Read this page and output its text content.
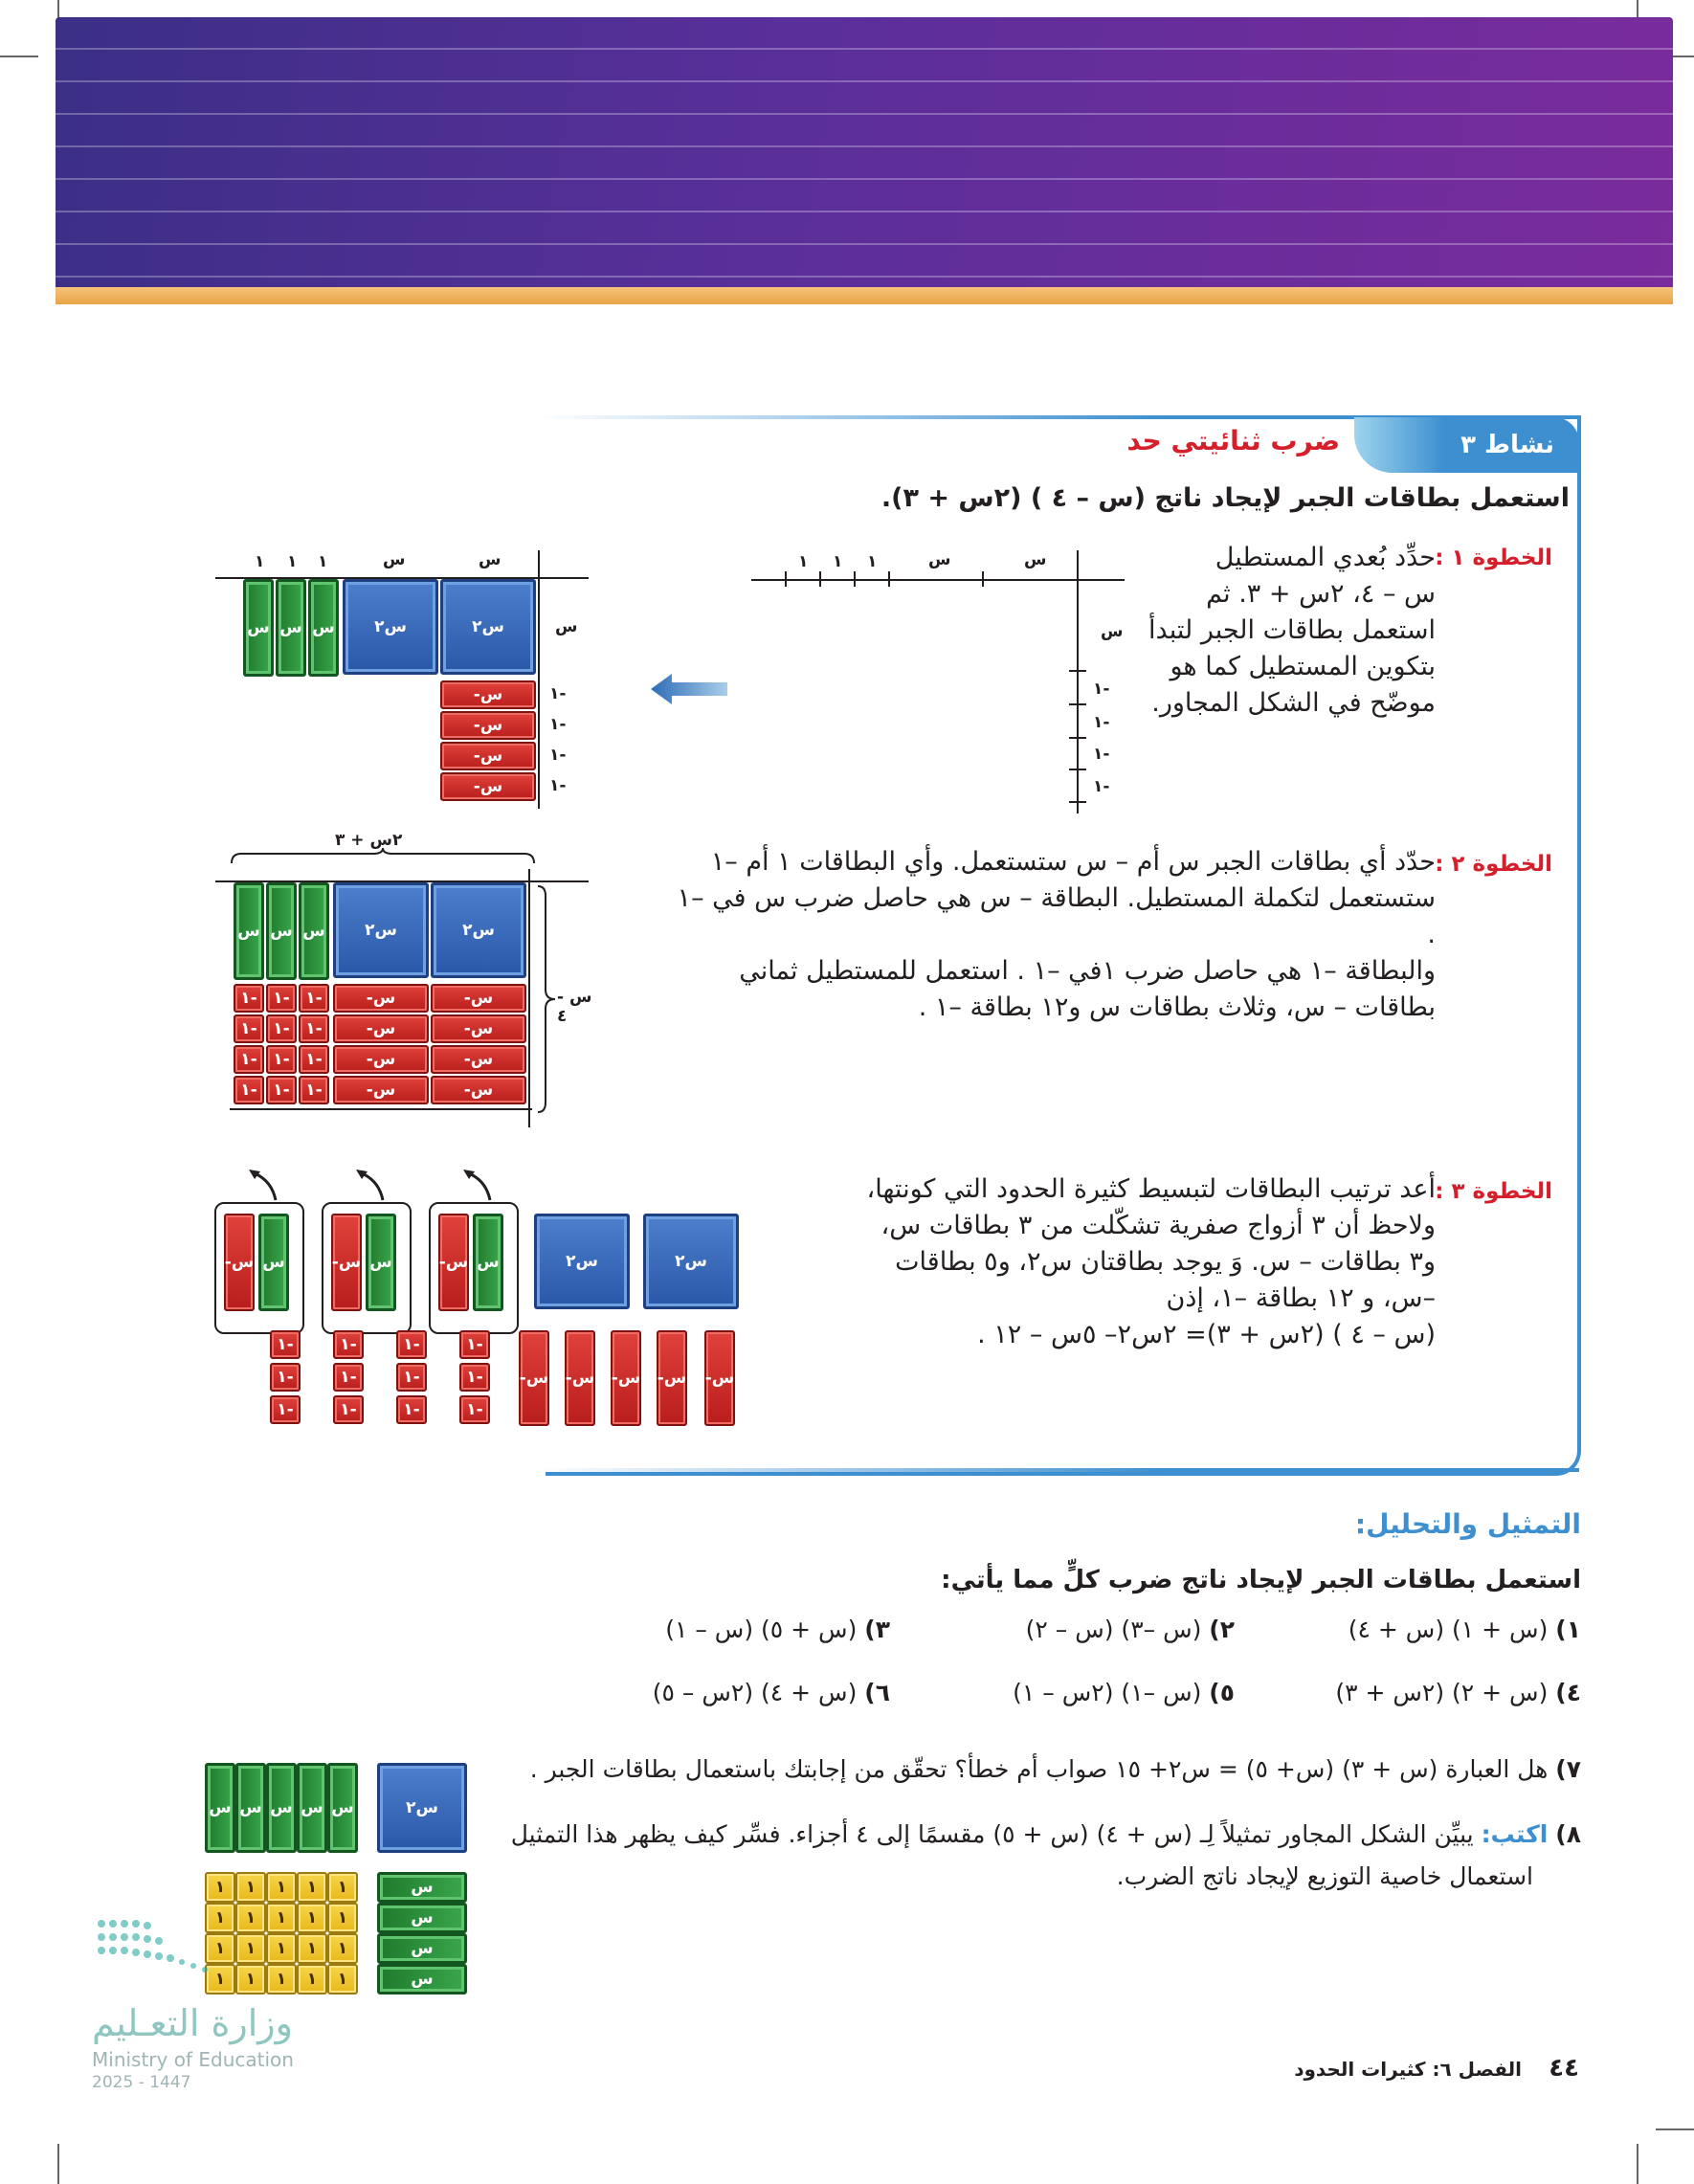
نشاط ٣
ضرب ثنائيتي حد
استعمل بطاقات الجبر لإيجاد ناتج (س – ٤ ) (٢س + ٣).
الخطوة ١ :
حدِّد بُعدي المستطيل
س – ٤، ٢س + ٣. ثم
استعمل بطاقات الجبر لتبدأ
بتكوين المستطيل كما هو
موضّح في الشكل المجاور.
١ ١ ١	س	س
س
١-
١-
١-
١-
١ ١ ١	س	س
س س س	س٢	س٢	س
-س
-س
-س
-س
١-
١-
١-
١-
الخطوة ٢ :
حدّد أي بطاقات الجبر س أم – س ستستعمل. وأي البطاقات ١ أم –١
ستستعمل لتكملة المستطيل. البطاقة – س هي حاصل ضرب س في –١ .
والبطاقة –١ هي حاصل ضرب ١في –١ . استعمل للمستطيل ثماني
بطاقات – س، وثلاث بطاقات س و١٢ بطاقة –١ .
٢س + ٣
س س س	س٢	س٢
١- ١- ١-	-س	-س
١- ١- ١-	-س	-س
١- ١- ١-	-س	-س
١- ١- ١-	-س	-س
س - ٤
الخطوة ٣ :
أعد ترتيب البطاقات لتبسيط كثيرة الحدود التي كونتها،
ولاحظ أن ٣ أزواج صفرية تشكّلت من ٣ بطاقات س،
و٣ بطاقات – س. وَ يوجد بطاقتان س٢، و٥ بطاقات
–س، و ١٢ بطاقة –١، إذن
(س – ٤ ) (٢س + ٣)= ٢س٢– ٥س – ١٢ .
-س س	-س س	-س س	س٢	س٢
١-
١-
١-
١-
١-
١-
١-
١-
١-
١-
١-
١-
-س -س -س -س -س
التمثيل والتحليل:
استعمل بطاقات الجبر لإيجاد ناتج ضرب كلٍّ مما يأتي:
١) (س + ١) (س + ٤)
٢) (س –٣) (س – ٢)
٣) (س + ٥) (س – ١)
٤) (س + ٢) (٢س + ٣)
٥) (س –١) (٢س – ١)
٦) (س + ٤) (٢س – ٥)
٧) هل العبارة (س + ٣) (س+ ٥) = س٢+ ١٥ صواب أم خطأ؟ تحقّق من إجابتك باستعمال بطاقات الجبر .
٨) اكتب: يبيِّن الشكل المجاور تمثيلاً لِـ (س + ٤) (س + ٥) مقسمًا إلى ٤ أجزاء. فسِّر كيف يظهر هذا التمثيل
استعمال خاصية التوزيع لإيجاد ناتج الضرب.
س س س س س	س٢
١	١	١	١	١
١	١	١	١	١
١	١	١	١	١
١	١	١	١	١
س
س
س
س
وزارة التعـليم
Ministry of Education
2025 - 1447	٤٤
الفصل ٦: كثيرات الحدود
